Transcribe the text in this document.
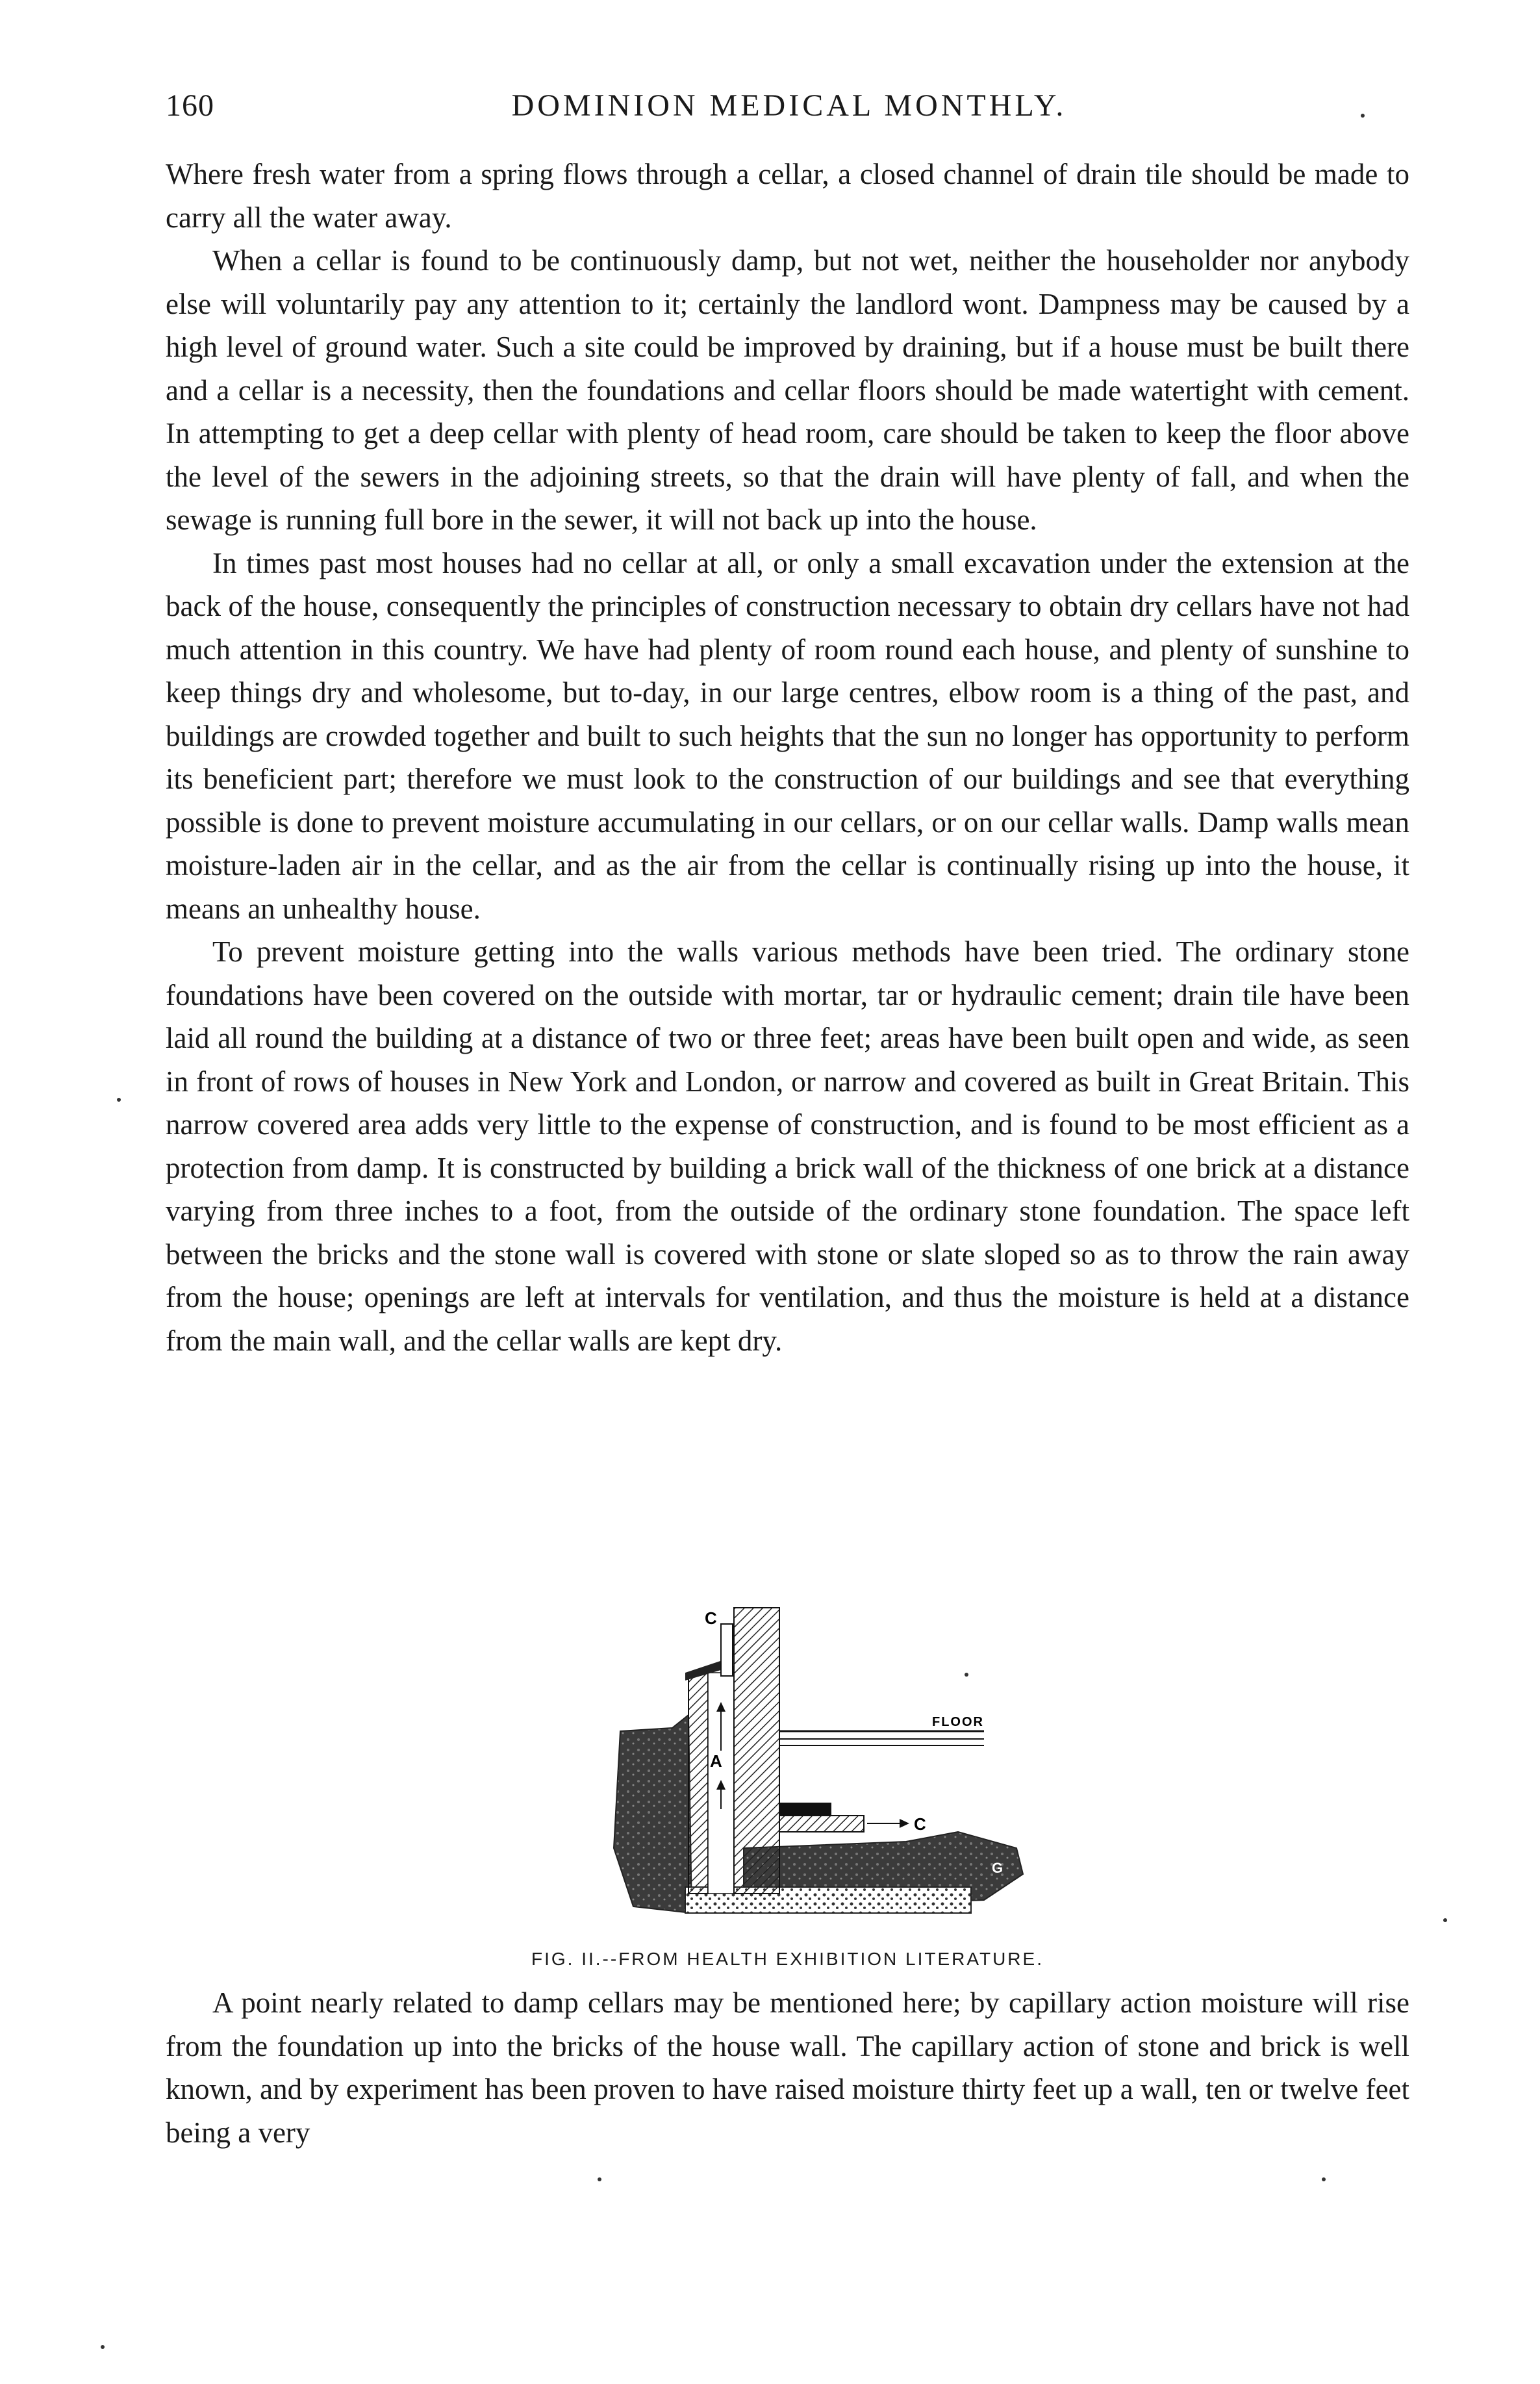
160	DOMINION MEDICAL MONTHLY.

Where fresh water from a spring flows through a cellar, a closed channel of drain tile should be made to carry all the water away.

When a cellar is found to be continuously damp, but not wet, neither the householder nor anybody else will voluntarily pay any attention to it; certainly the landlord wont. Dampness may be caused by a high level of ground water. Such a site could be improved by draining, but if a house must be built there and a cellar is a necessity, then the foundations and cellar floors should be made watertight with cement. In attempting to get a deep cellar with plenty of head room, care should be taken to keep the floor above the level of the sewers in the adjoining streets, so that the drain will have plenty of fall, and when the sewage is running full bore in the sewer, it will not back up into the house.

In times past most houses had no cellar at all, or only a small excavation under the extension at the back of the house, consequently the principles of construction necessary to obtain dry cellars have not had much attention in this country. We have had plenty of room round each house, and plenty of sunshine to keep things dry and wholesome, but to-day, in our large centres, elbow room is a thing of the past, and buildings are crowded together and built to such heights that the sun no longer has opportunity to perform its beneficient part; therefore we must look to the construction of our buildings and see that everything possible is done to prevent moisture accumulating in our cellars, or on our cellar walls. Damp walls mean moisture-laden air in the cellar, and as the air from the cellar is continually rising up into the house, it means an unhealthy house.

To prevent moisture getting into the walls various methods have been tried. The ordinary stone foundations have been covered on the outside with mortar, tar or hydraulic cement; drain tile have been laid all round the building at a distance of two or three feet; areas have been built open and wide, as seen in front of rows of houses in New York and London, or narrow and covered as built in Great Britain. This narrow covered area adds very little to the expense of construction, and is found to be most efficient as a protection from damp. It is constructed by building a brick wall of the thickness of one brick at a distance varying from three inches to a foot, from the outside of the ordinary stone foundation. The space left between the bricks and the stone wall is covered with stone or slate sloped so as to throw the rain away from the house; openings are left at intervals for ventilation, and thus the moisture is held at a distance from the main wall, and the cellar walls are kept dry.

C
A
FLOOR
C
G
FIG. II.--FROM HEALTH EXHIBITION LITERATURE.

A point nearly related to damp cellars may be mentioned here; by capillary action moisture will rise from the foundation up into the bricks of the house wall. The capillary action of stone and brick is well known, and by experiment has been proven to have raised moisture thirty feet up a wall, ten or twelve feet being a very
